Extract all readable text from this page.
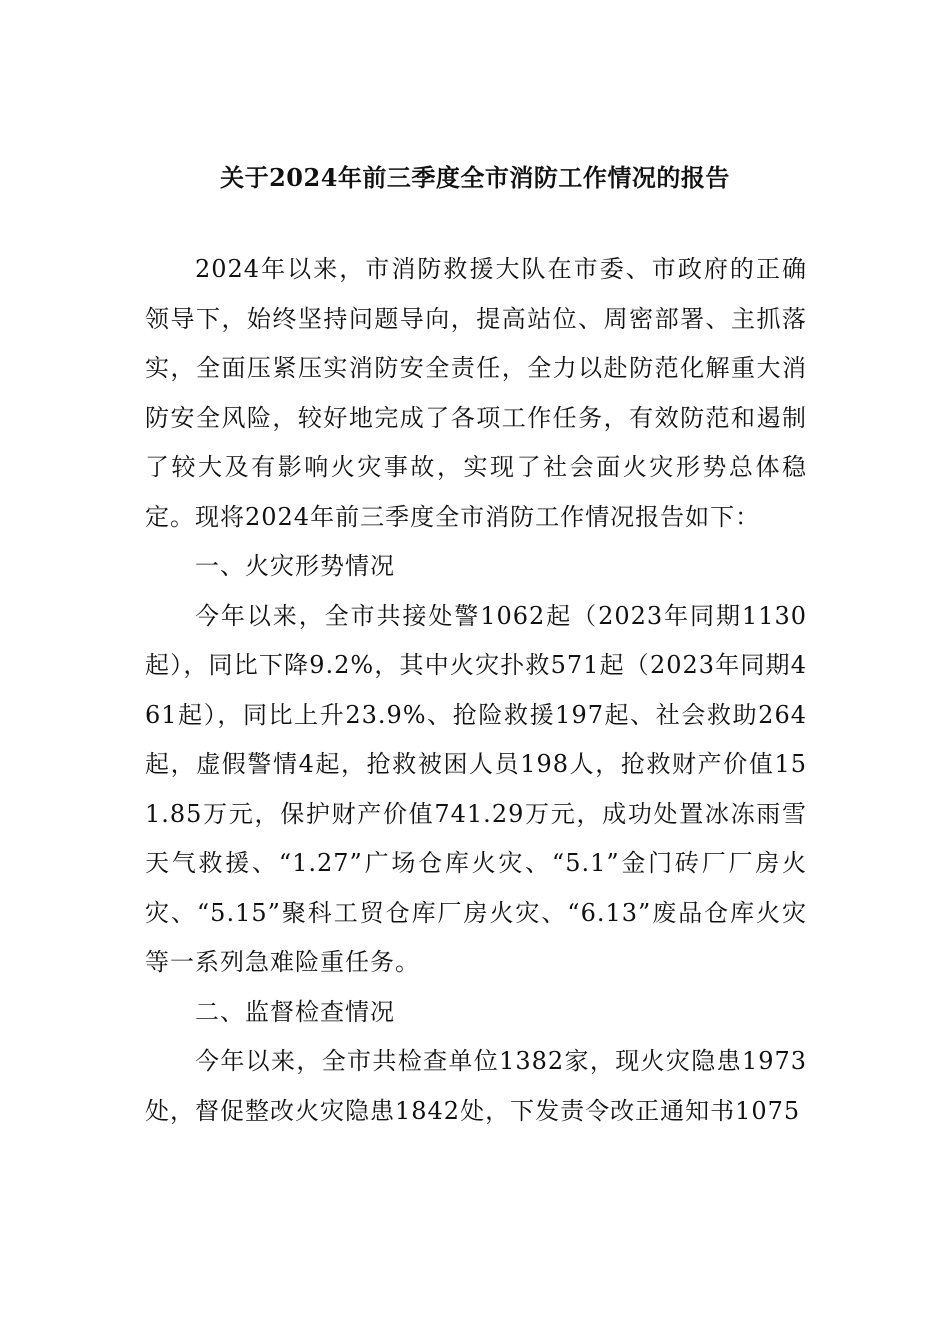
关于2024年前三季度全市消防工作情况的报告

2024年以来，市消防救援大队在市委、市政府的正确领导下，始终坚持问题导向，提高站位、周密部署、主抓落实，全面压紧压实消防安全责任，全力以赴防范化解重大消防安全风险，较好地完成了各项工作任务，有效防范和遏制了较大及有影响火灾事故，实现了社会面火灾形势总体稳定。现将2024年前三季度全市消防工作情况报告如下：

一、火灾形势情况

今年以来，全市共接处警1062起（2023年同期1130起），同比下降9.2%，其中火灾扑救571起（2023年同期461起），同比上升23.9%、抢险救援197起、社会救助264起，虚假警情4起，抢救被困人员198人，抢救财产价值151.85万元，保护财产价值741.29万元，成功处置冰冻雨雪天气救援、“1.27”广场仓库火灾、“5.1”金门砖厂厂房火灾、“5.15”聚科工贸仓库厂房火灾、“6.13”废品仓库火灾等一系列急难险重任务。

二、监督检查情况

今年以来，全市共检查单位1382家，现火灾隐患1973处，督促整改火灾隐患1842处，下发责令改正通知书1075
